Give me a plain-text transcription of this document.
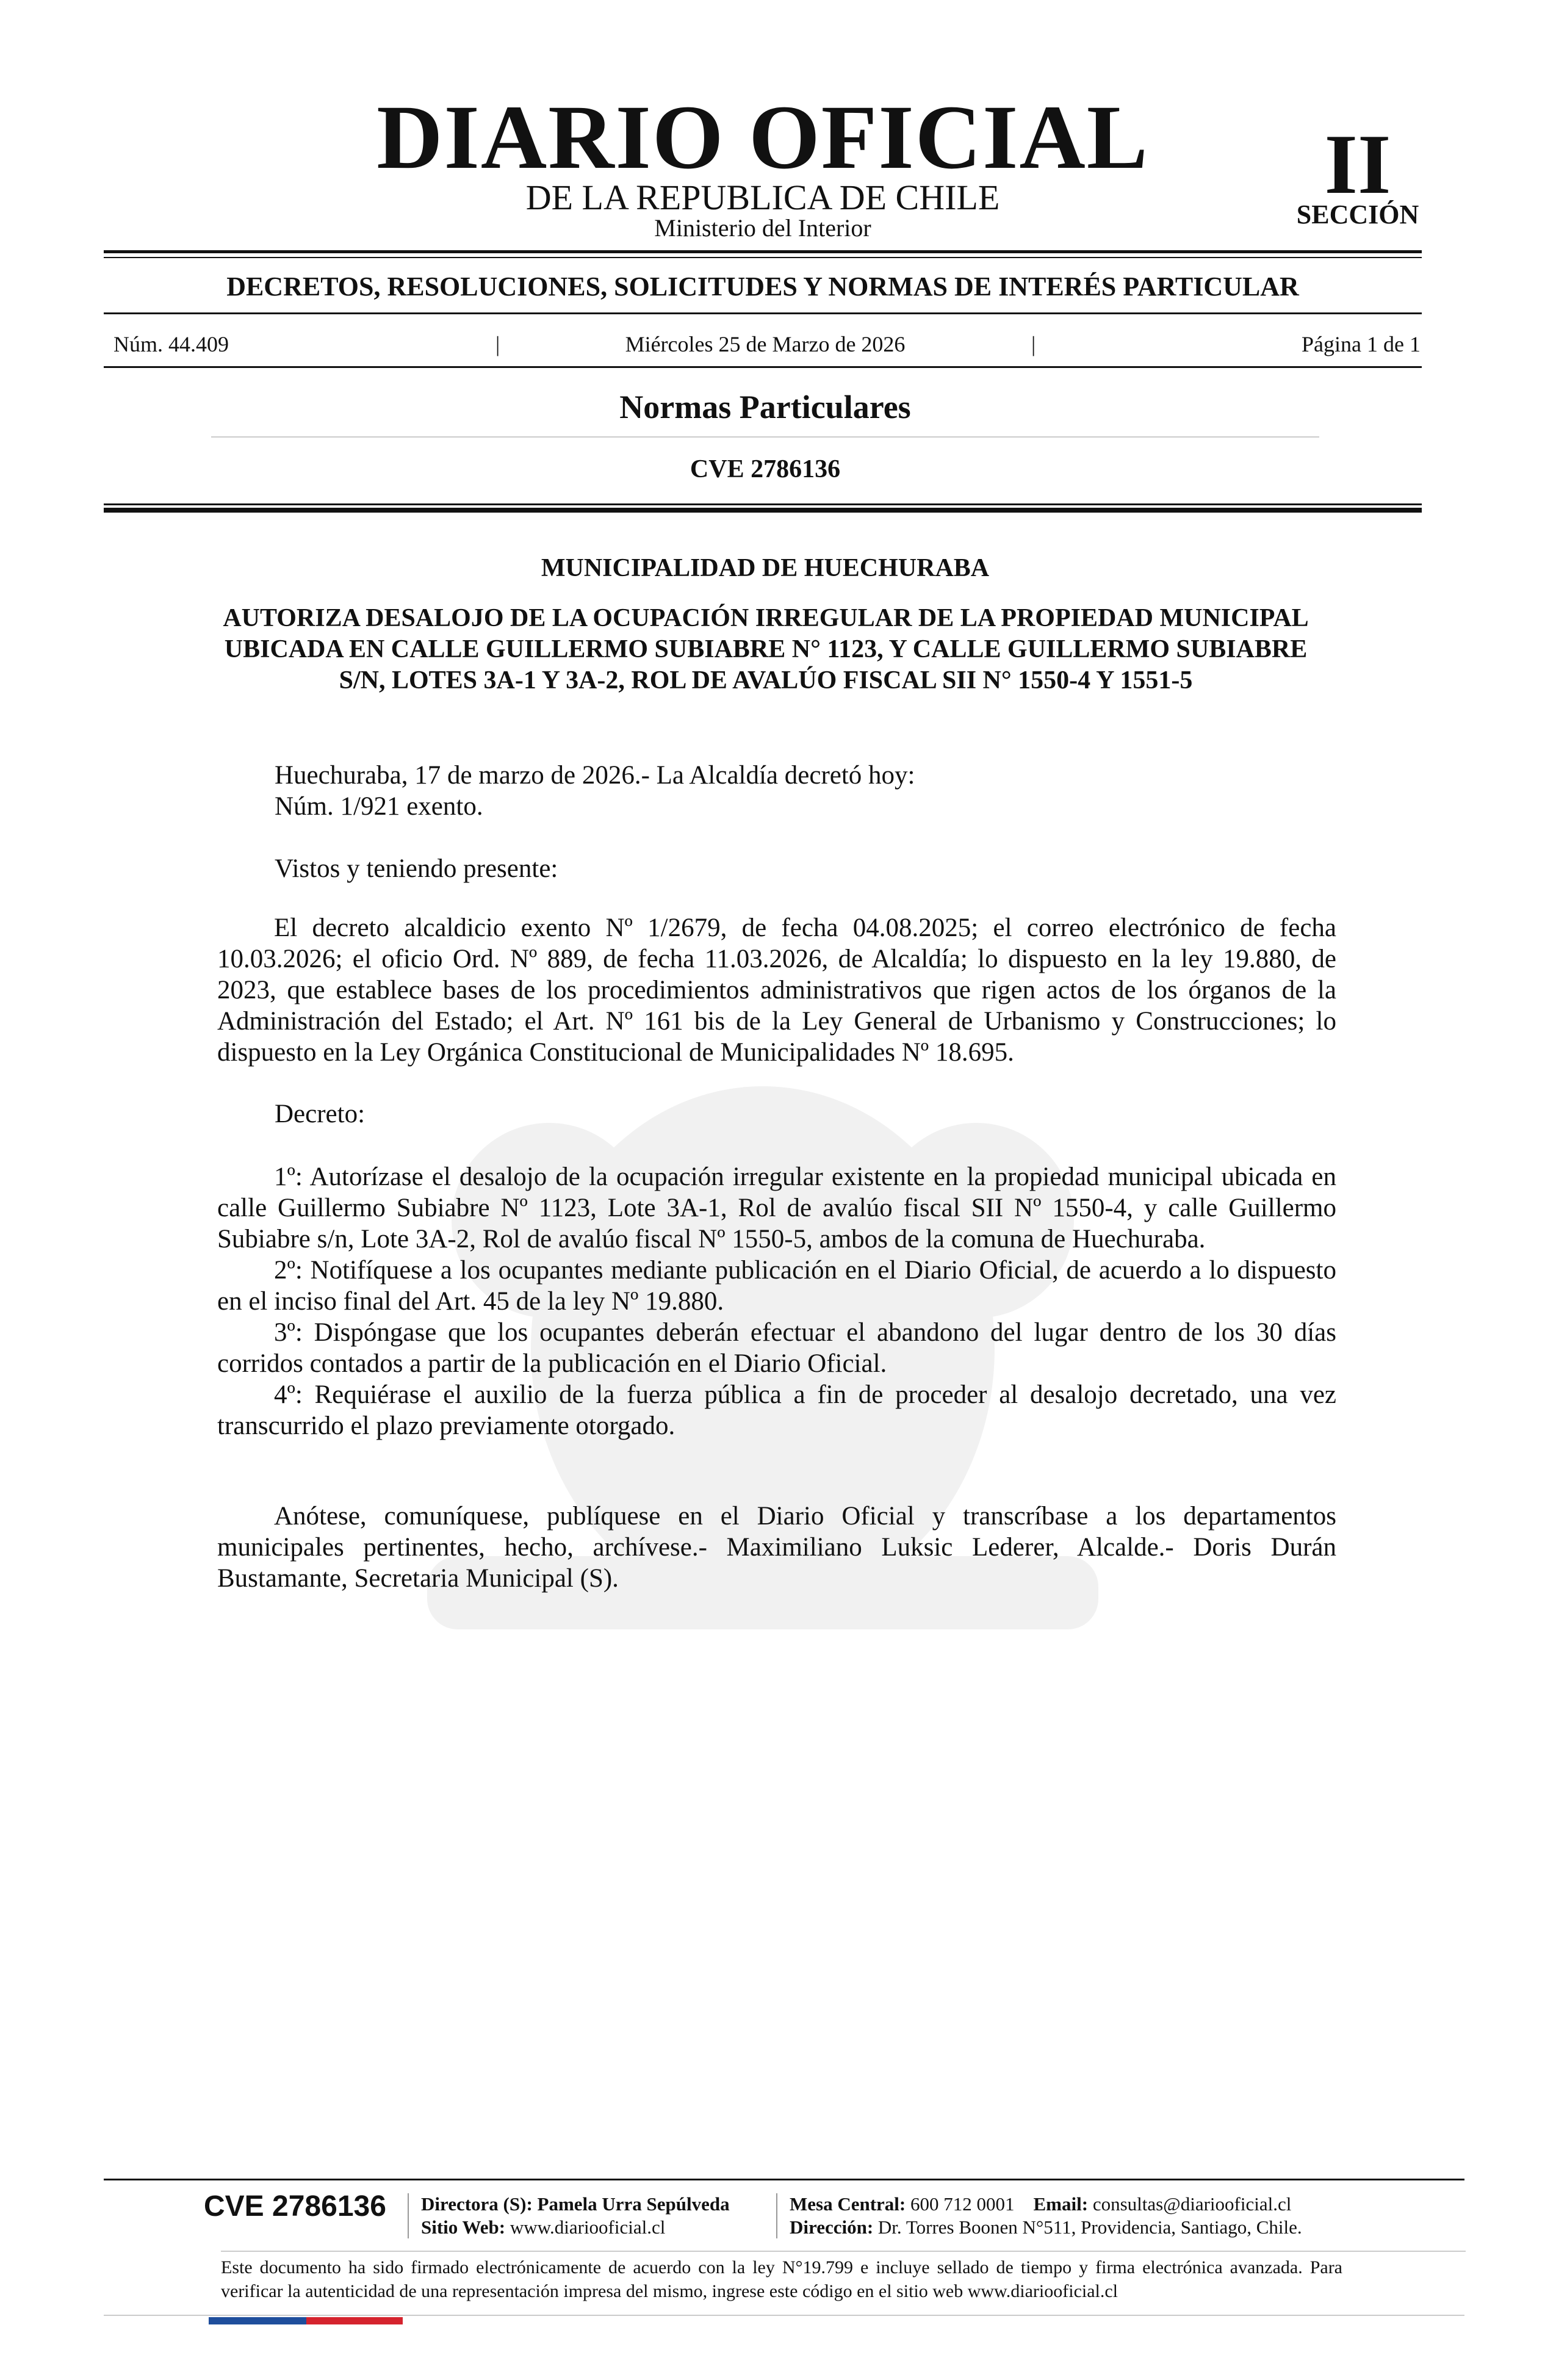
DIARIO OFICIAL
DE LA REPUBLICA DE CHILE
Ministerio del Interior
II
SECCIÓN
DECRETOS, RESOLUCIONES, SOLICITUDES Y NORMAS DE INTERÉS PARTICULAR
Núm. 44.409	|	Miércoles 25 de Marzo de 2026	|	Página 1 de 1
Normas Particulares
CVE 2786136
MUNICIPALIDAD DE HUECHURABA
AUTORIZA DESALOJO DE LA OCUPACIÓN IRREGULAR DE LA PROPIEDAD MUNICIPAL UBICADA EN CALLE GUILLERMO SUBIABRE N° 1123, Y CALLE GUILLERMO SUBIABRE S/N, LOTES 3A-1 Y 3A-2, ROL DE AVALÚO FISCAL SII N° 1550-4 Y 1551-5
Huechuraba, 17 de marzo de 2026.- La Alcaldía decretó hoy:
Núm. 1/921 exento.
Vistos y teniendo presente:

El decreto alcaldicio exento Nº 1/2679, de fecha 04.08.2025; el correo electrónico de fecha 10.03.2026; el oficio Ord. Nº 889, de fecha 11.03.2026, de Alcaldía; lo dispuesto en la ley 19.880, de 2023, que establece bases de los procedimientos administrativos que rigen actos de los órganos de la Administración del Estado; el Art. Nº 161 bis de la Ley General de Urbanismo y Construcciones; lo dispuesto en la Ley Orgánica Constitucional de Municipalidades Nº 18.695.

Decreto:

1º: Autorízase el desalojo de la ocupación irregular existente en la propiedad municipal ubicada en calle Guillermo Subiabre Nº 1123, Lote 3A-1, Rol de avalúo fiscal SII Nº 1550-4, y calle Guillermo Subiabre s/n, Lote 3A-2, Rol de avalúo fiscal Nº 1550-5, ambos de la comuna de Huechuraba.

2º: Notifíquese a los ocupantes mediante publicación en el Diario Oficial, de acuerdo a lo dispuesto en el inciso final del Art. 45 de la ley Nº 19.880.

3º: Dispóngase que los ocupantes deberán efectuar el abandono del lugar dentro de los 30 días corridos contados a partir de la publicación en el Diario Oficial.

4º: Requiérase el auxilio de la fuerza pública a fin de proceder al desalojo decretado, una vez transcurrido el plazo previamente otorgado.

Anótese, comuníquese, publíquese en el Diario Oficial y transcríbase a los departamentos municipales pertinentes, hecho, archívese.- Maximiliano Luksic Lederer, Alcalde.- Doris Durán Bustamante, Secretaria Municipal (S).

CVE 2786136 Directora (S): Pamela Urra Sepúlveda
Sitio Web: www.diariooficial.cl
Mesa Central: 600 712 0001 Email: consultas@diariooficial.cl
Dirección: Dr. Torres Boonen N°511, Providencia, Santiago, Chile.
Este documento ha sido firmado electrónicamente de acuerdo con la ley N°19.799 e incluye sellado de tiempo y firma electrónica avanzada. Para verificar la autenticidad de una representación impresa del mismo, ingrese este código en el sitio web www.diariooficial.cl
